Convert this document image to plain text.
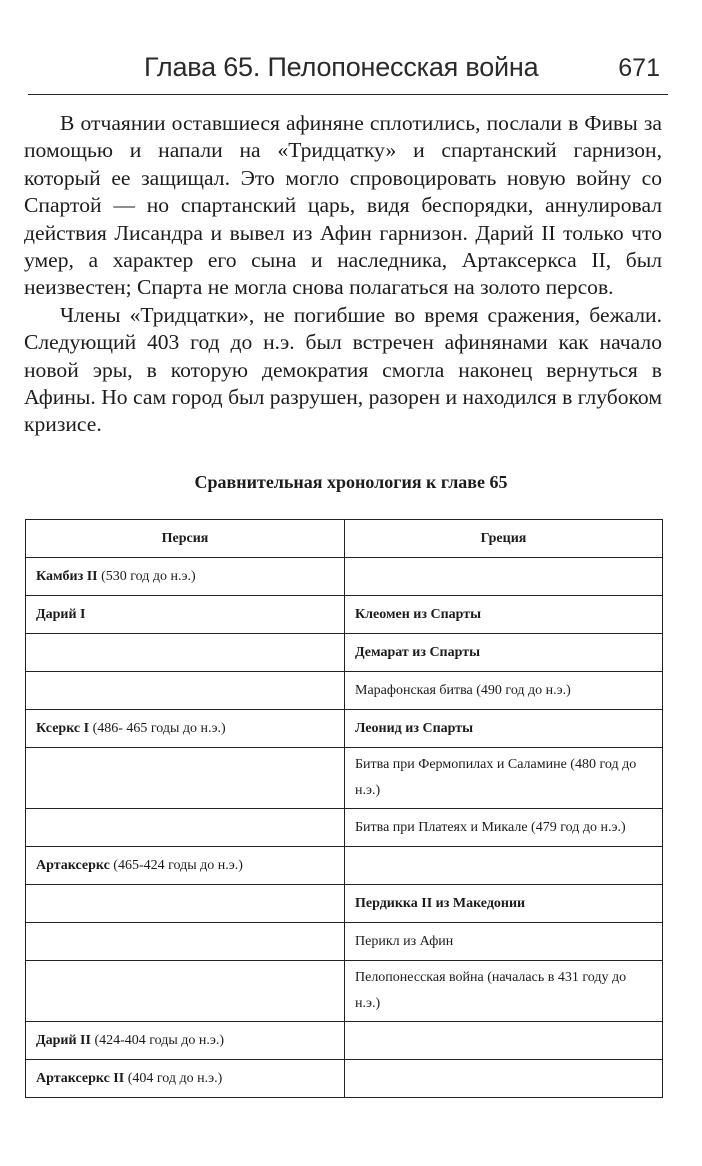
Глава 65. Пелопонесская война	671

В отчаянии оставшиеся афиняне сплотились, послали в Фивы за помощью и напали на «Тридцатку» и спартанский гарнизон, который ее защищал. Это могло спровоцировать новую войну со Спартой — но спартанский царь, видя беспорядки, аннулировал действия Лисандра и вывел из Афин гарнизон. Дарий II только что умер, а характер его сына и наследника, Артаксеркса II, был неизвестен; Спарта не могла снова полагаться на золото персов.

Члены «Тридцатки», не погибшие во время сражения, бежали. Следующий 403 год до н.э. был встречен афинянами как начало новой эры, в которую демократия смогла наконец вернуться в Афины. Но сам город был разрушен, разорен и находился в глубоком кризисе.

Сравнительная хронология к главе 65
Персия	Греция
Камбиз II (530 год до н.э.)	
Дарий I	Клеомен из Спарты
	Демарат из Спарты
	Марафонская битва (490 год до н.э.)
Ксеркс I (486- 465 годы до н.э.)	Леонид из Спарты
	Битва при Фермопилах и Саламине (480 год до н.э.)
	Битва при Платеях и Микале (479 год до н.э.)
Артаксеркс (465-424 годы до н.э.)	
	Пердикка II из Македонии
	Перикл из Афин
	Пелопонесская война (началась в 431 году до н.э.)
Дарий II (424-404 годы до н.э.)	
Артаксеркс II (404 год до н.э.)	
